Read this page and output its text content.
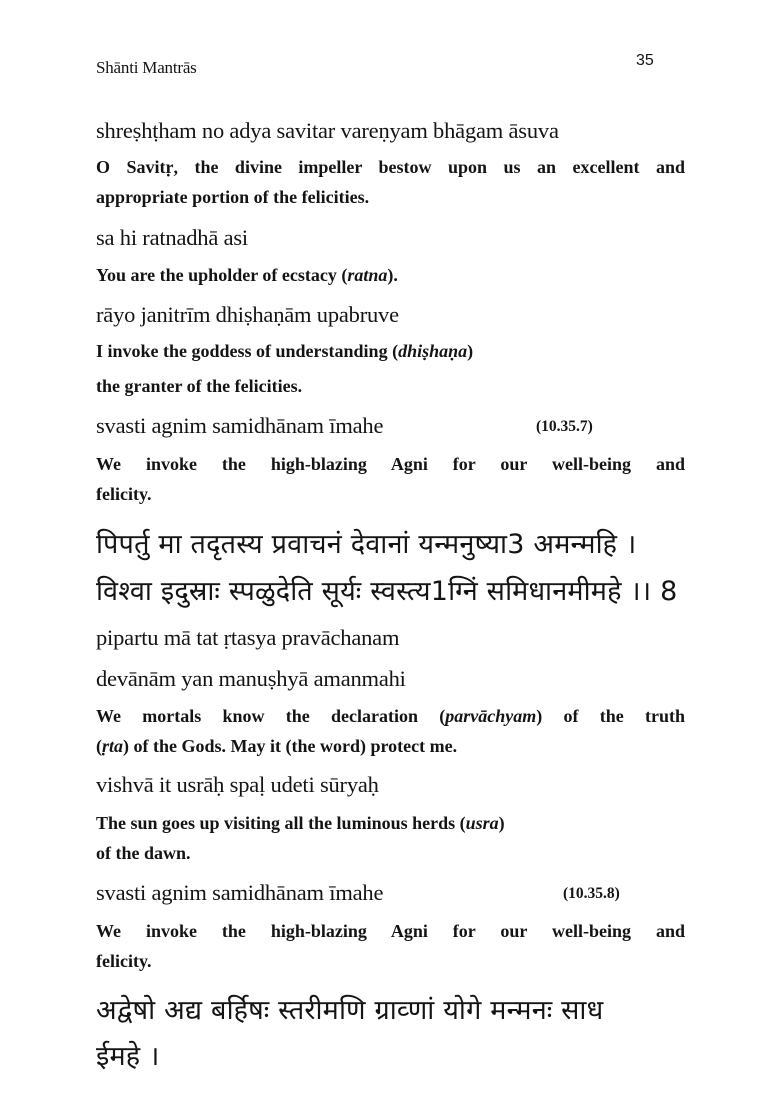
Shānti Mantrās	35
shreṣhṭham no adya savitar vareṇyam bhāgam āsuva
O Savitṛ, the divine impeller bestow upon us an excellent and
appropriate portion of the felicities.
sa hi ratnadhā asi
You are the upholder of ecstacy (ratna).
rāyo janitrīm dhiṣhaṇām upabruve
I invoke the goddess of understanding (dhiṣhaṇa)
the granter of the felicities.
svasti agnim samidhānam īmahe	(10.35.7)
We invoke the high-blazing Agni for our well-being and
felicity.
पिपर्तु मा तदृतस्य प्रवाचनं देवानां यन्मनुष्या3 अमन्महि ।
विश्वा इदुस्राः स्पळुदेति सूर्यः स्वस्त्य1ग्निं समिधानमीमहे ।। 8
pipartu mā tat ṛtasya pravāchanam
devānām yan manuṣhyā amanmahi
We mortals know the declaration (parvāchyam) of the truth
(ṛta) of the Gods. May it (the word) protect me.
vishvā it usrāḥ spaḷ udeti sūryaḥ
The sun goes up visiting all the luminous herds (usra)
of the dawn.
svasti agnim samidhānam īmahe	(10.35.8)
We invoke the high-blazing Agni for our well-being and
felicity.
अद्वेषो अद्य बर्हिषः स्तरीमणि ग्राव्णां योगे मन्मनः साध
ईमहे ।
